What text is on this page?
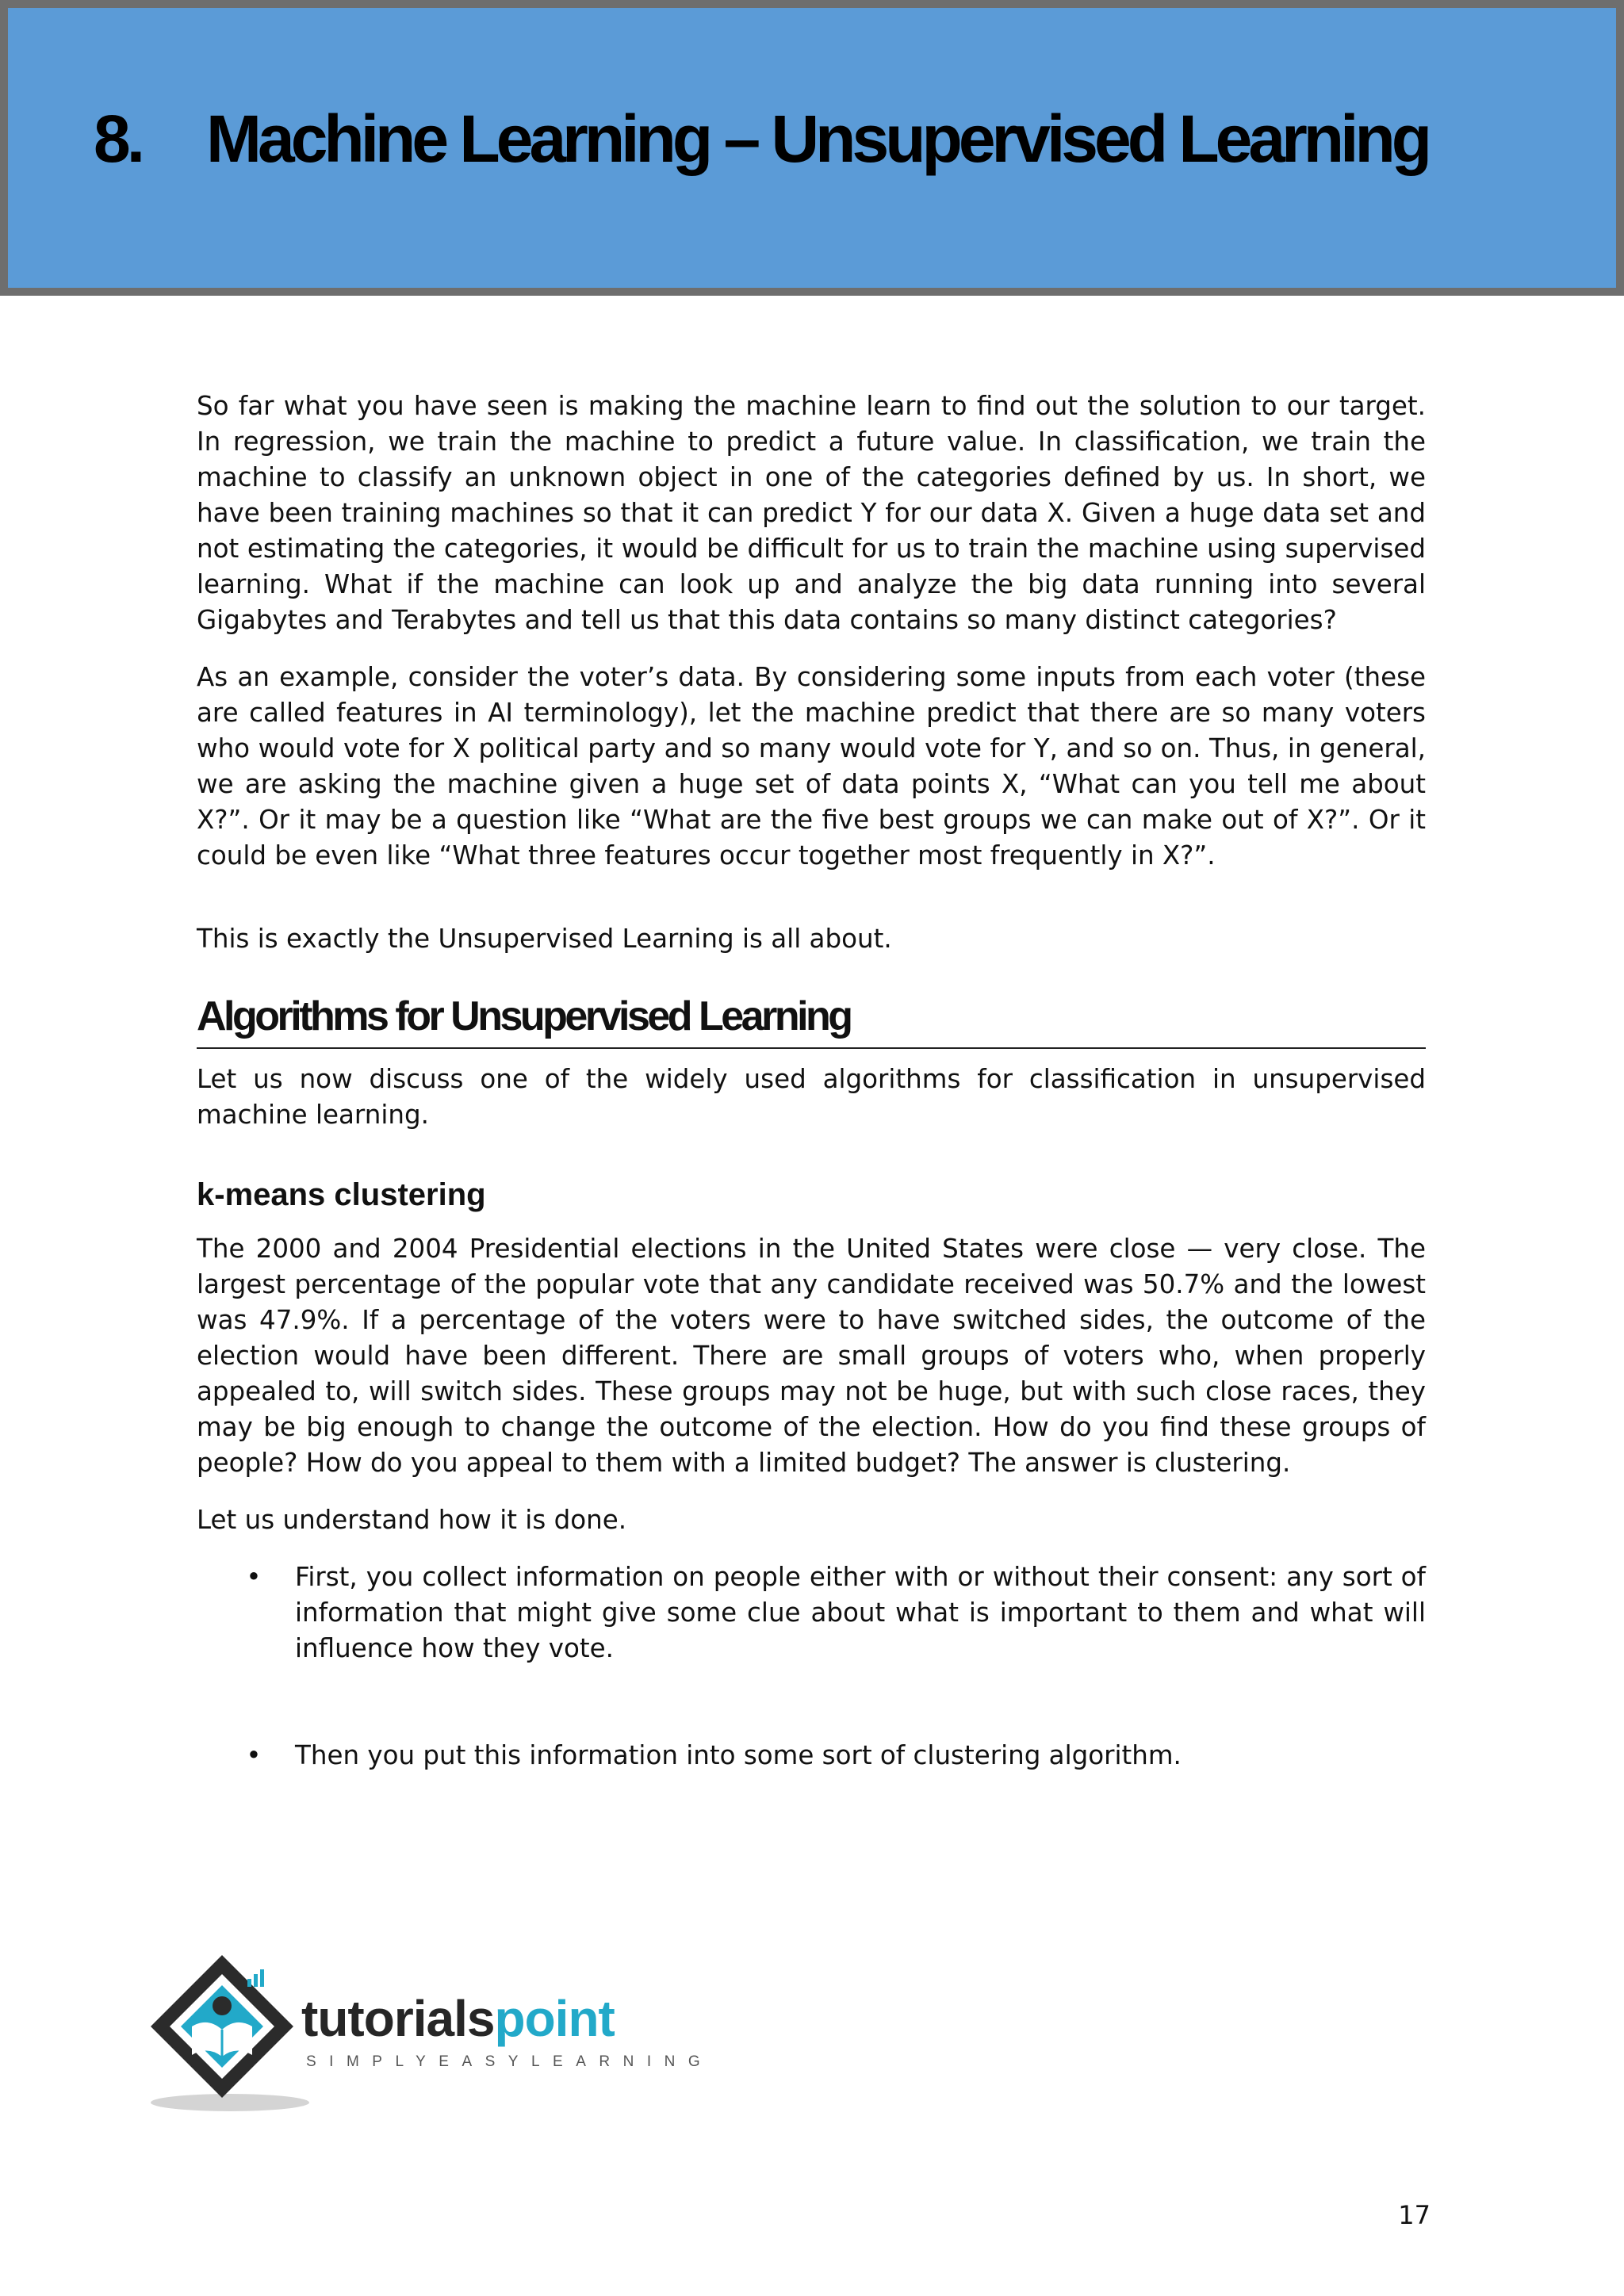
8. Machine Learning – Unsupervised Learning

So far what you have seen is making the machine learn to find out the solution to our target. In regression, we train the machine to predict a future value. In classification, we train the machine to classify an unknown object in one of the categories defined by us. In short, we have been training machines so that it can predict Y for our data X. Given a huge data set and not estimating the categories, it would be difficult for us to train the machine using supervised learning. What if the machine can look up and analyze the big data running into several Gigabytes and Terabytes and tell us that this data contains so many distinct categories?

As an example, consider the voter’s data. By considering some inputs from each voter (these are called features in AI terminology), let the machine predict that there are so many voters who would vote for X political party and so many would vote for Y, and so on. Thus, in general, we are asking the machine given a huge set of data points X, “What can you tell me about X?”. Or it may be a question like “What are the five best groups we can make out of X?”. Or it could be even like “What three features occur together most frequently in X?”.

This is exactly the Unsupervised Learning is all about.

Algorithms for Unsupervised Learning

Let us now discuss one of the widely used algorithms for classification in unsupervised machine learning.

k-means clustering

The 2000 and 2004 Presidential elections in the United States were close — very close. The largest percentage of the popular vote that any candidate received was 50.7% and the lowest was 47.9%. If a percentage of the voters were to have switched sides, the outcome of the election would have been different. There are small groups of voters who, when properly appealed to, will switch sides. These groups may not be huge, but with such close races, they may be big enough to change the outcome of the election. How do you find these groups of people? How do you appeal to them with a limited budget? The answer is clustering.

Let us understand how it is done.

• First, you collect information on people either with or without their consent: any sort of information that might give some clue about what is important to them and what will influence how they vote.
• Then you put this information into some sort of clustering algorithm.

tutorialspoint

SIMPLYEASYLEARNING

17
